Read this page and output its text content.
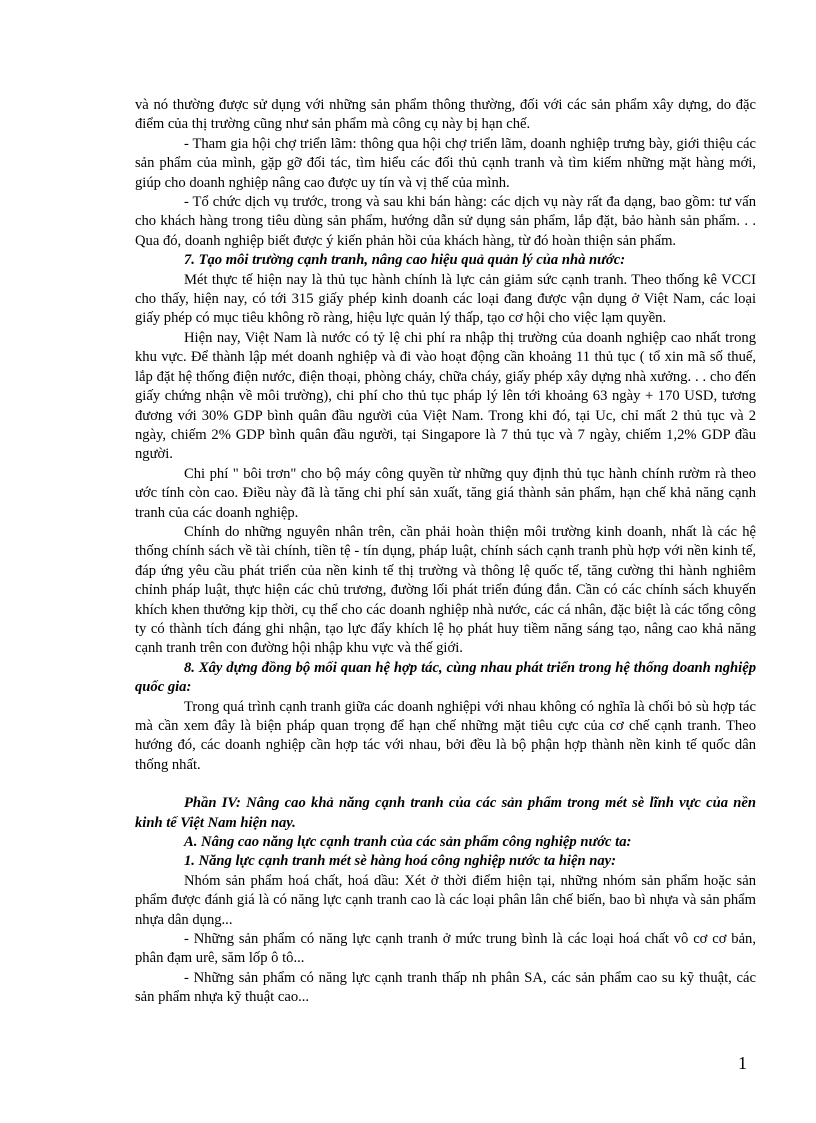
và nó thường được sử dụng với những sản phẩm thông thường, đối với các sản phẩm xây dựng, do đặc điểm của thị trường cũng như sản phẩm mà công cụ này bị hạn chế.

- Tham gia hội chợ triển lãm: thông qua hội chợ triển lãm, doanh nghiệp trưng bày, giới thiệu các sản phẩm của mình, gặp gỡ đối tác, tìm hiểu các đối thủ cạnh tranh và tìm kiếm những mặt hàng mới, giúp cho doanh nghiệp nâng cao được uy tín và vị thế của mình.

- Tổ chức dịch vụ trước, trong và sau khi bán hàng: các dịch vụ này rất đa dạng, bao gồm: tư vấn cho khách hàng trong tiêu dùng sản phẩm, hướng dẫn sử dụng sản phẩm, lắp đặt, bảo hành sản phẩm. . . Qua đó, doanh nghiệp biết được ý kiến phản hồi của khách hàng, từ đó hoàn thiện sản phẩm.

7. Tạo môi trường cạnh tranh, nâng cao hiệu quả quản lý của nhà nước:

Mét thực tế hiện nay là thủ tục hành chính là lực cản giảm sức cạnh tranh. Theo thống kê VCCI cho thấy, hiện nay, có tới 315 giấy phép kinh doanh các loại đang được vận dụng ở Việt Nam, các loại giấy phép có mục tiêu không rõ ràng, hiệu lực quản lý thấp, tạo cơ hội cho việc lạm quyền.

Hiện nay, Việt Nam là nước có tỷ lệ chi phí ra nhập thị trường của doanh nghiệp cao nhất trong khu vực. Để thành lập mét doanh nghiệp và đi vào hoạt động cần khoảng 11 thủ tục ( tổ xin mã số thuế, lắp đặt hệ thống điện nước, điện thoại, phòng cháy, chữa cháy, giấy phép xây dựng nhà xưởng. . . cho đến giấy chứng nhận về môi trường), chi phí cho thủ tục pháp lý lên tới khoảng 63 ngày + 170 USD, tương đương với 30% GDP bình quân đầu người của Việt Nam. Trong khi đó, tại Uc, chỉ mất 2 thủ tục và 2 ngày, chiếm 2% GDP bình quân đầu người, tại Singapore là 7 thủ tục và 7 ngày, chiếm 1,2% GDP đầu người.

Chi phí " bôi trơn" cho bộ máy công quyền từ những quy định thủ tục hành chính rườm rà theo ước tính còn cao. Điều này đã là tăng chi phí sản xuất, tăng giá thành sản phẩm, hạn chế khả năng cạnh tranh của các doanh nghiệp.

Chính do những nguyên nhân trên, cần phải hoàn thiện môi trường kinh doanh, nhất là các hệ thống chính sách về tài chính, tiền tệ - tín dụng, pháp luật, chính sách cạnh tranh phù hợp với nền kinh tế, đáp ứng yêu cầu phát triển của nền kinh tế thị trường và thông lệ quốc tế, tăng cường thi hành nghiêm chỉnh pháp luật, thực hiện các chủ trương, đường lối phát triển đúng đắn. Cần có các chính sách khuyến khích khen thưởng kịp thời, cụ thể cho các doanh nghiệp nhà nước, các cá nhân, đặc biệt là các tổng công ty có thành tích đáng ghi nhận, tạo lực đẩy khích lệ họ phát huy tiềm năng sáng tạo, nâng cao khả năng cạnh tranh trên con đường hội nhập khu vực và thế giới.

8. Xây dựng đồng bộ mối quan hệ hợp tác, cùng nhau phát triển trong hệ thống doanh nghiệp quốc gia:

Trong quá trình cạnh tranh giữa các doanh nghiệpi với nhau không có nghĩa là chối bỏ sù hợp tác mà cần xem đây là biện pháp quan trọng để hạn chế những mặt tiêu cực của cơ chế cạnh tranh. Theo hướng đó, các doanh nghiệp cần hợp tác với nhau, bởi đều là bộ phận hợp thành nền kinh tế quốc dân thống nhất.

Phần IV: Nâng cao khả năng cạnh tranh của các sản phẩm trong mét sè lĩnh vực của nền kinh tế Việt Nam hiện nay.

A. Nâng cao năng lực cạnh tranh của các sản phẩm công nghiệp nước ta:

1. Năng lực cạnh tranh mét sè hàng hoá công nghiệp nước ta hiện nay:

Nhóm sản phẩm hoá chất, hoá dầu: Xét ở thời điểm hiện tại, những nhóm sản phẩm hoặc sản phẩm được đánh giá là có năng lực cạnh tranh cao là các loại phân lân chế biến, bao bì nhựa và sản phẩm nhựa dân dụng...

- Những sản phẩm có năng lực cạnh tranh ở mức trung bình là các loại hoá chất vô cơ cơ bản, phân đạm urê, săm lốp ô tô...

- Những sản phẩm có năng lực cạnh tranh thấp nh phân SA, các sản phẩm cao su kỹ thuật, các sản phẩm nhựa kỹ thuật cao...

1
